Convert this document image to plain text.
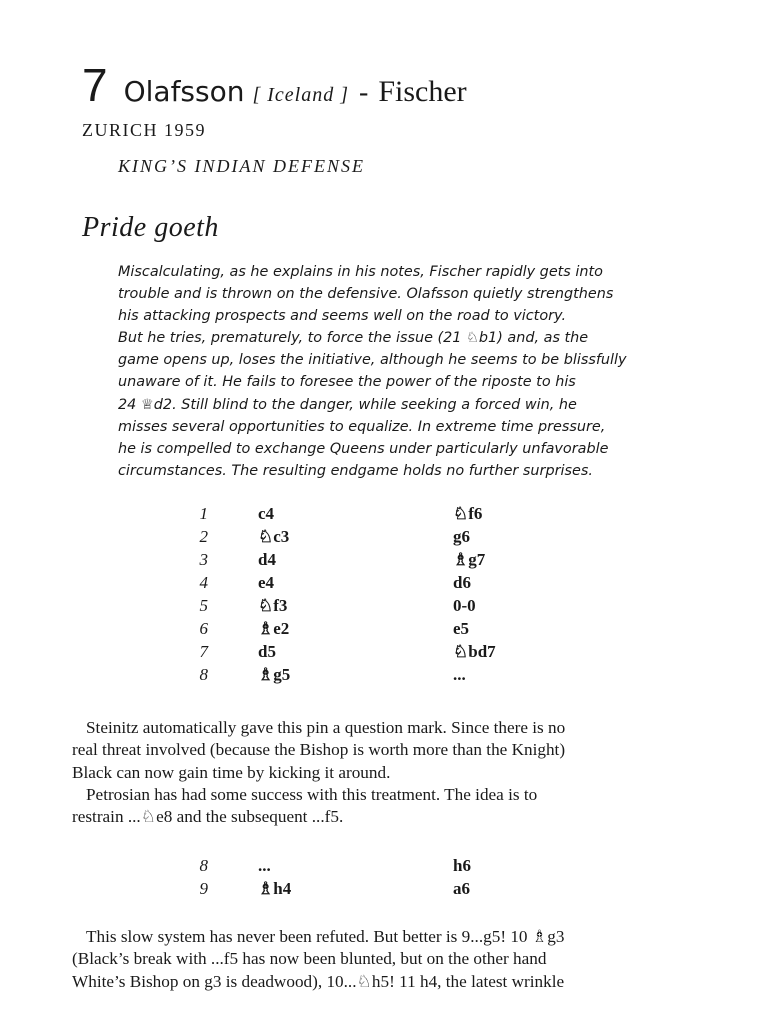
7 Olafsson [ Iceland ] - Fischer
ZURICH 1959
KING’S INDIAN DEFENSE
Pride goeth

Miscalculating, as he explains in his notes, Fischer rapidly gets into

trouble and is thrown on the defensive. Olafsson quietly strengthens

his attacking prospects and seems well on the road to victory.

But he tries, prematurely, to force the issue (21 ♘b1) and, as the

game opens up, loses the initiative, although he seems to be blissfully

unaware of it. He fails to foresee the power of the riposte to his

24 ♕d2. Still blind to the danger, while seeking a forced win, he

misses several opportunities to equalize. In extreme time pressure,

he is compelled to exchange Queens under particularly unfavorable

circumstances. The resulting endgame holds no further surprises.

1	c4	♘f6
2	♘c3	g6
3	d4	♗g7
4	e4	d6
5	♘f3	0-0
6	♗e2	e5
7	d5	♘bd7
8	♗g5	...

Steinitz automatically gave this pin a question mark. Since there is no

real threat involved (because the Bishop is worth more than the Knight)

Black can now gain time by kicking it around.

Petrosian has had some success with this treatment. The idea is to

restrain ...♘e8 and the subsequent ...f5.

8	...	h6
9	♗h4	a6

This slow system has never been refuted. But better is 9...g5! 10 ♗g3

(Black’s break with ...f5 has now been blunted, but on the other hand

White’s Bishop on g3 is deadwood), 10...♘h5! 11 h4, the latest wrinkle
